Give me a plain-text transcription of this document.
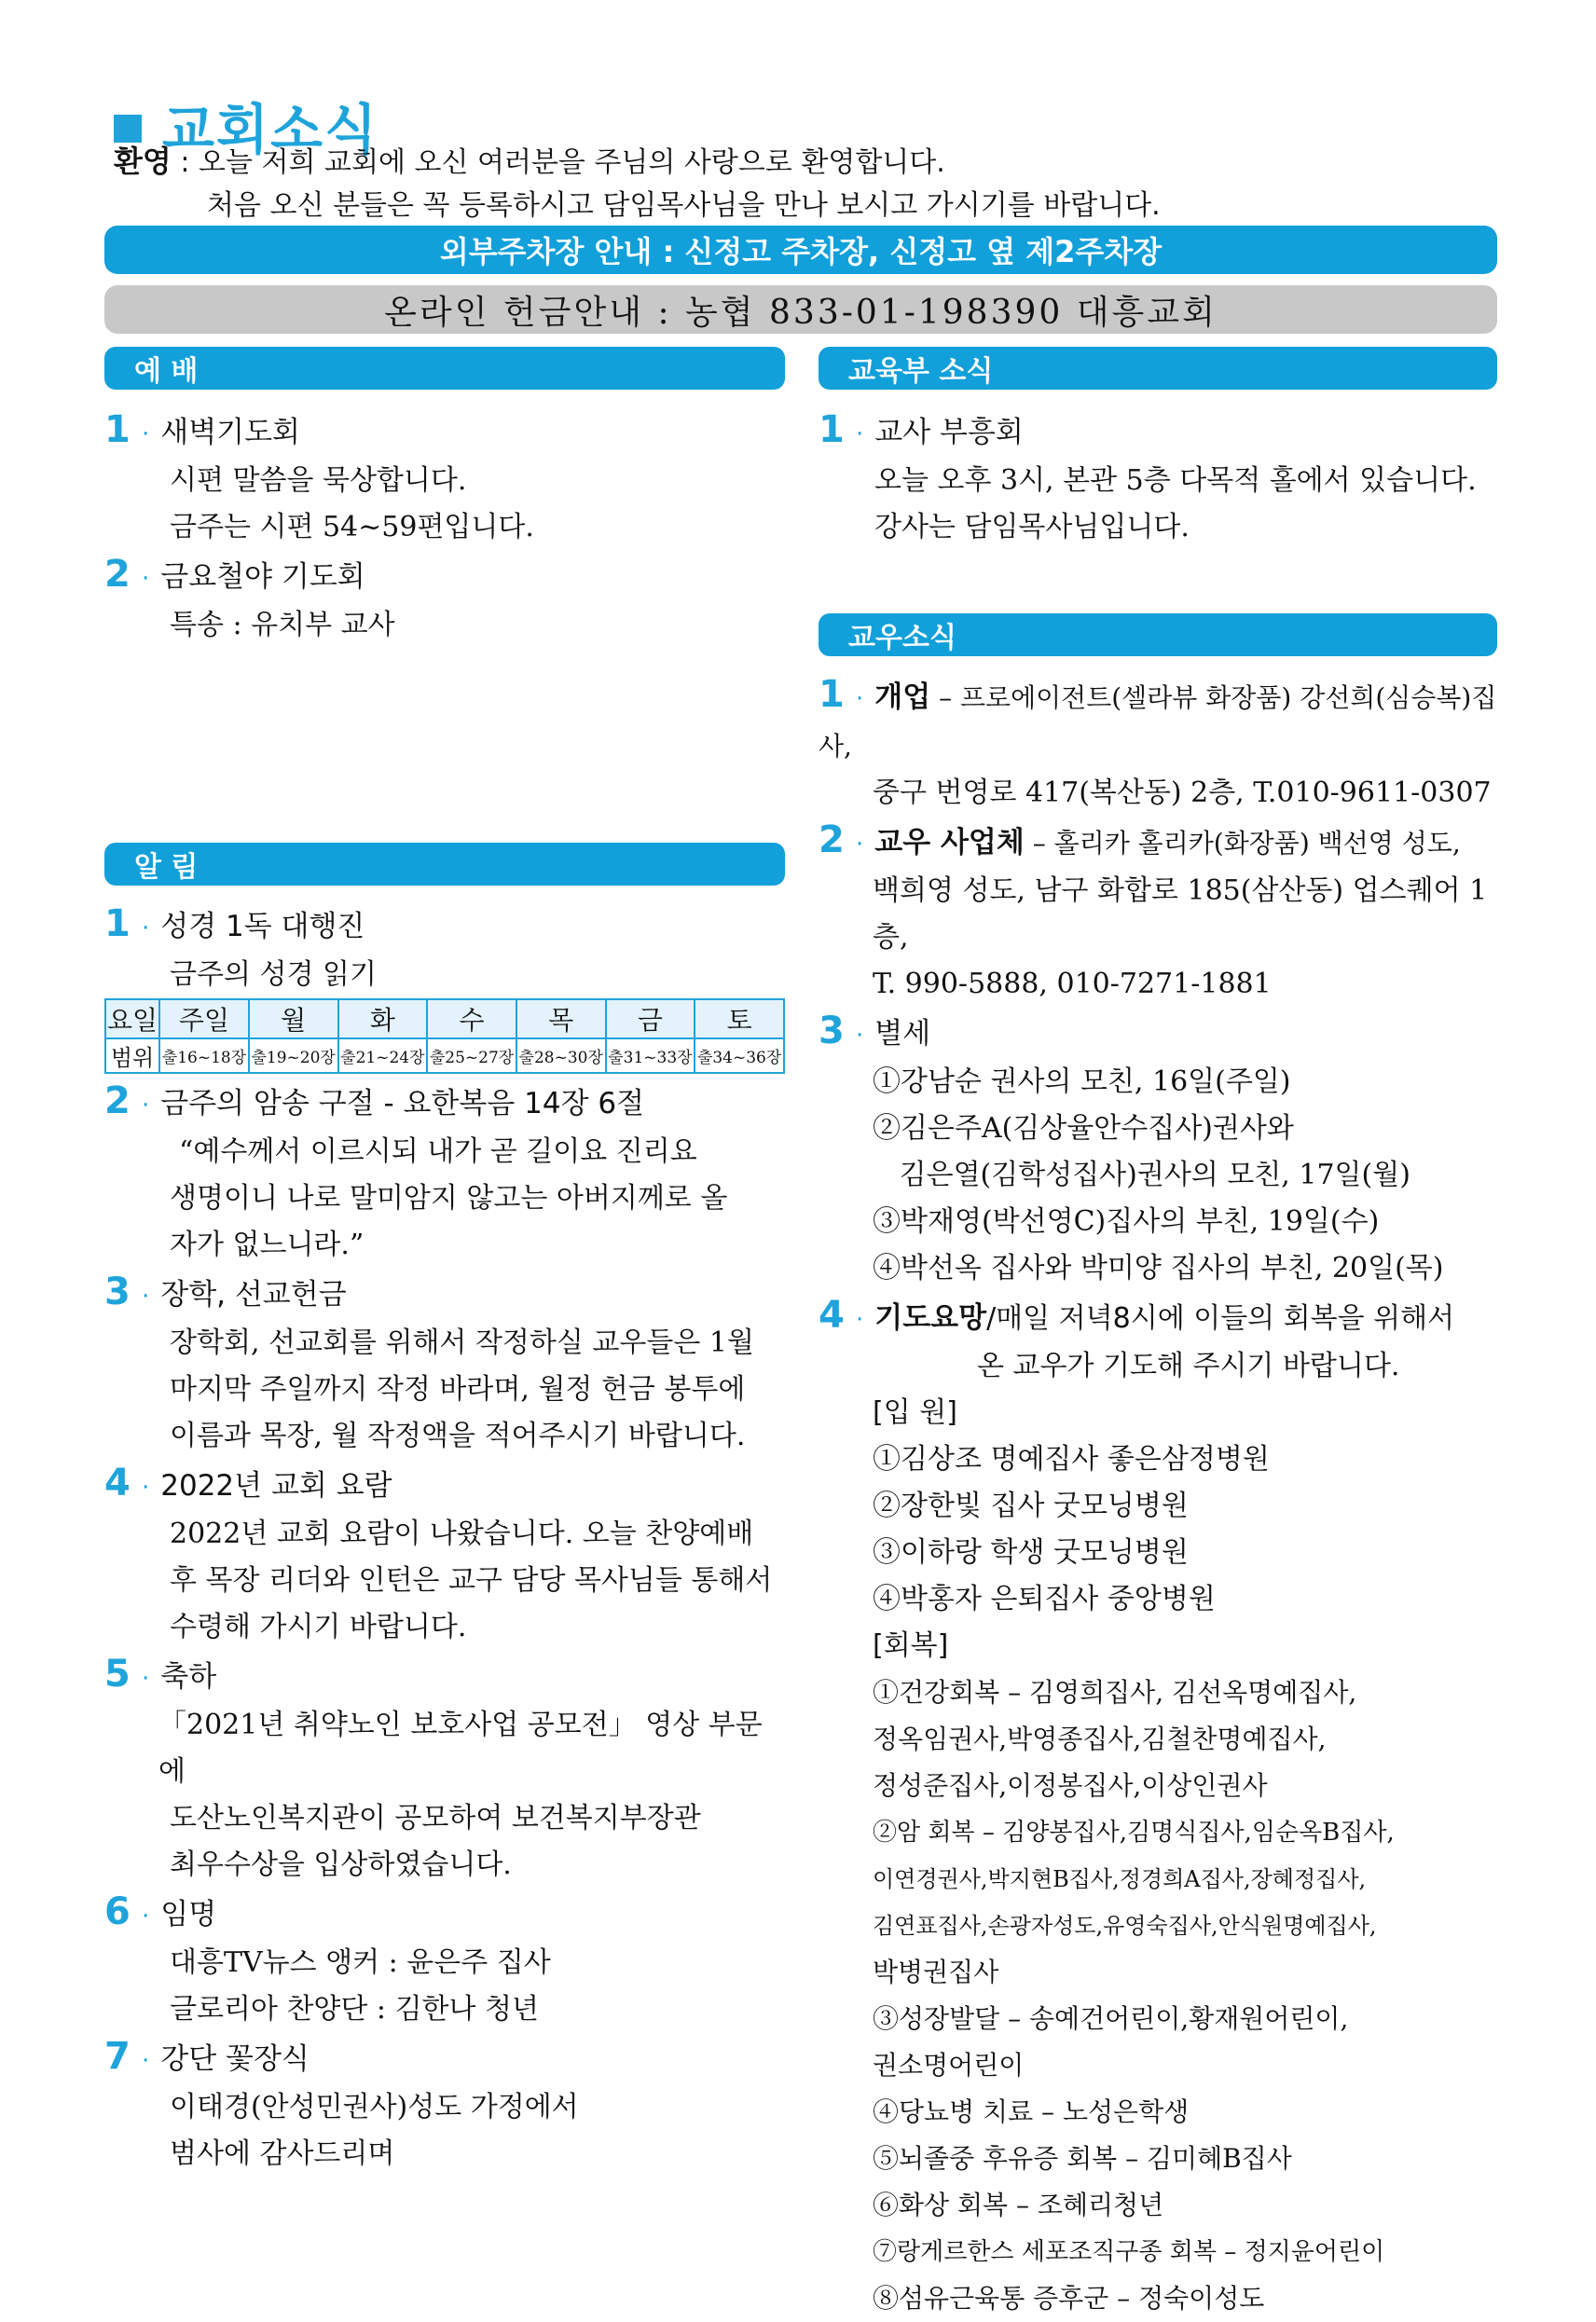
교회소식
환영 : 오늘 저희 교회에 오신 여러분을 주님의 사랑으로 환영합니다.
처음 오신 분들은 꼭 등록하시고 담임목사님을 만나 보시고 가시기를 바랍니다.
외부주차장 안내 : 신정고 주차장, 신정고 옆 제2주차장
온라인 헌금안내 : 농협 833-01-198390 대흥교회
예 배
1 · 새벽기도회
시편 말씀을 묵상합니다.
금주는 시편 54~59편입니다.
2 · 금요철야 기도회
특송 : 유치부 교사
알 림
1 · 성경 1독 대행진
금주의 성경 읽기
요일	주일	월	화	수	목	금	토
범위	출16~18장	출19~20장	출21~24장	출25~27장	출28~30장	출31~33장	출34~36장
2 · 금주의 암송 구절 - 요한복음 14장 6절
“예수께서 이르시되 내가 곧 길이요 진리요
생명이니 나로 말미암지 않고는 아버지께로 올
자가 없느니라.”
3 · 장학, 선교헌금
장학회, 선교회를 위해서 작정하실 교우들은 1월
마지막 주일까지 작정 바라며, 월정 헌금 봉투에
이름과 목장, 월 작정액을 적어주시기 바랍니다.
4 · 2022년 교회 요람
2022년 교회 요람이 나왔습니다. 오늘 찬양예배
후 목장 리더와 인턴은 교구 담당 목사님들 통해서
수령해 가시기 바랍니다.
5 · 축하
「2021년 취약노인 보호사업 공모전」 영상 부문에
도산노인복지관이 공모하여 보건복지부장관
최우수상을 입상하였습니다.
6 · 임명
대흥TV뉴스 앵커 : 윤은주 집사
글로리아 찬양단 : 김한나 청년
7 · 강단 꽃장식
이태경(안성민권사)성도 가정에서
범사에 감사드리며
교육부 소식
1 · 교사 부흥회
오늘 오후 3시, 본관 5층 다목적 홀에서 있습니다.
강사는 담임목사님입니다.
교우소식
1 · 개업 – 프로에이전트(셀라뷰 화장품) 강선희(심승복)집사,
중구 번영로 417(복산동) 2층, T.010-9611-0307
2 · 교우 사업체 – 홀리카 홀리카(화장품) 백선영 성도,
백희영 성도, 남구 화합로 185(삼산동) 업스퀘어 1층,
T. 990-5888, 010-7271-1881
3 · 별세
①강남순 권사의 모친, 16일(주일)
②김은주A(김상율안수집사)권사와
김은열(김학성집사)권사의 모친, 17일(월)
③박재영(박선영C)집사의 부친, 19일(수)
④박선옥 집사와 박미양 집사의 부친, 20일(목)
4 · 기도요망/매일 저녁8시에 이들의 회복을 위해서
온 교우가 기도해 주시기 바랍니다.
[입 원]
①김상조 명예집사 좋은삼정병원
②장한빛 집사 굿모닝병원
③이하랑 학생 굿모닝병원
④박홍자 은퇴집사 중앙병원
[회복]
①건강회복 – 김영희집사, 김선옥명예집사,
정옥임권사,박영종집사,김철찬명예집사,
정성준집사,이정봉집사,이상인권사
②암 회복 – 김양봉집사,김명식집사,임순옥B집사,
이연경권사,박지현B집사,정경희A집사,장혜정집사,
김연표집사,손광자성도,유영숙집사,안식원명예집사,
박병권집사
③성장발달 – 송예건어린이,황재원어린이,
권소명어린이
④당뇨병 치료 – 노성은학생
⑤뇌졸중 후유증 회복 – 김미혜B집사
⑥화상 회복 – 조혜리청년
⑦랑게르한스 세포조직구종 회복 – 정지윤어린이
⑧섬유근육통 증후군 – 정숙이성도
